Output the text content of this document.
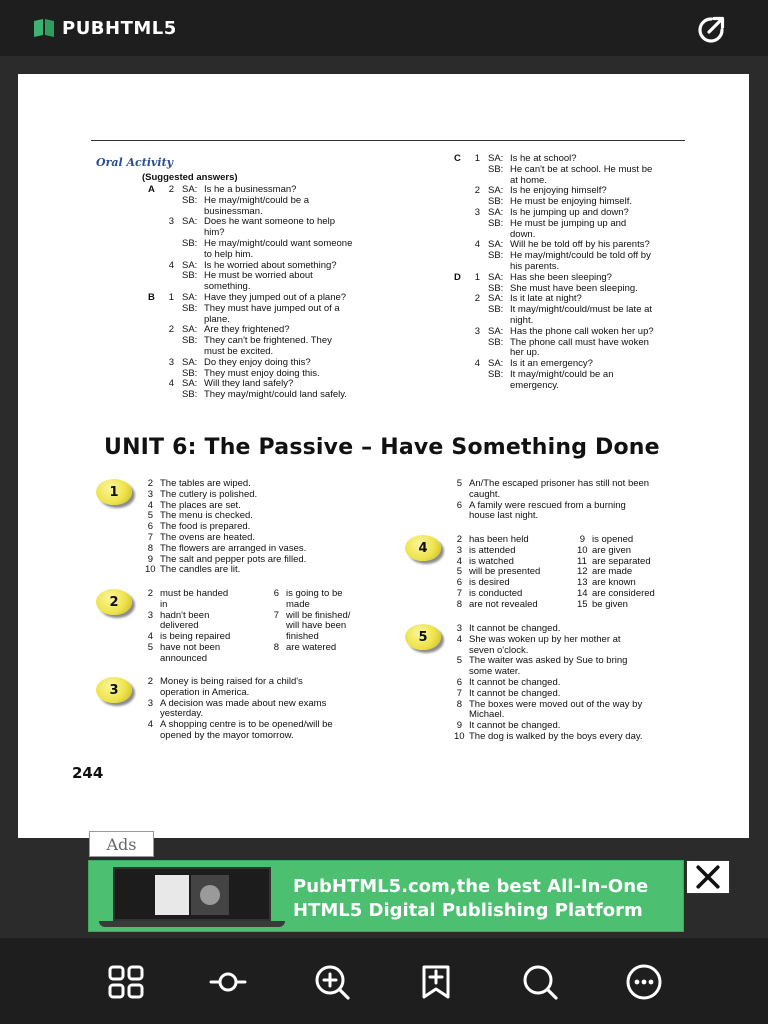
PUBHTML5
Oral Activity
(Suggested answers)
A 2 SA: Is he a businessman?
SB: He may/might/could be a
businessman.
3 SA: Does he want someone to help
him?
SB: He may/might/could want someone
to help him.
4 SA: Is he worried about something?
SB: He must be worried about
something.
B 1 SA: Have they jumped out of a plane?
SB: They must have jumped out of a
plane.
2 SA: Are they frightened?
SB: They can't be frightened. They
must be excited.
3 SA: Do they enjoy doing this?
SB: They must enjoy doing this.
4 SA: Will they land safely?
SB: They may/might/could land safely.
C 1 SA: Is he at school?
SB: He can't be at school. He must be
at home.
2 SA: Is he enjoying himself?
SB: He must be enjoying himself.
3 SA: Is he jumping up and down?
SB: He must be jumping up and
down.
4 SA: Will he be told off by his parents?
SB: He may/might/could be told off by
his parents.
D 1 SA: Has she been sleeping?
SB: She must have been sleeping.
2 SA: Is it late at night?
SB: It may/might/could/must be late at
night.
3 SA: Has the phone call woken her up?
SB: The phone call must have woken
her up.
4 SA: Is it an emergency?
SB: It may/might/could be an
emergency.
UNIT 6: The Passive – Have Something Done
1
2
3
4
5
2 The tables are wiped.
3 The cutlery is polished.
4 The places are set.
5 The menu is checked.
6 The food is prepared.
7 The ovens are heated.
8 The flowers are arranged in vases.
9 The salt and pepper pots are filled.
10 The candles are lit.
5 An/The escaped prisoner has still not been
caught.
6 A family were rescued from a burning
house last night.
2 must be handed
in
3 hadn't been
delivered
4 is being repaired
5 have not been
announced
6 is going to be
made
7 will be finished/
will have been
finished
8 are watered
2 Money is being raised for a child's
operation in America.
3 A decision was made about new exams
yesterday.
4 A shopping centre is to be opened/will be
opened by the mayor tomorrow.
2 has been held
3 is attended
4 is watched
5 will be presented
6 is desired
7 is conducted
8 are not revealed
9 is opened
10 are given
11 are separated
12 are made
13 are known
14 are considered
15 be given
3 It cannot be changed.
4 She was woken up by her mother at
seven o'clock.
5 The waiter was asked by Sue to bring
some water.
6 It cannot be changed.
7 It cannot be changed.
8 The boxes were moved out of the way by
Michael.
9 It cannot be changed.
10 The dog is walked by the boys every day.
244
Ads
PubHTML5.com,the best All-In-One
HTML5 Digital Publishing Platform
